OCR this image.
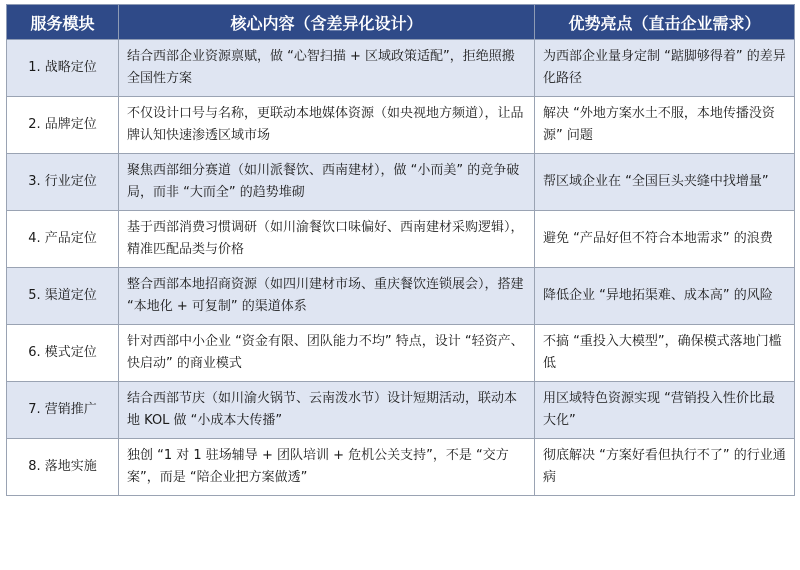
服务模块	核心内容（含差异化设计）	优势亮点（直击企业需求）
1. 战略定位	结合西部企业资源禀赋，做 “心智扫描 + 区域政策适配”，拒绝照搬全国性方案	为西部企业量身定制 “踮脚够得着” 的差异化路径
2. 品牌定位	不仅设计口号与名称，更联动本地媒体资源（如央视地方频道），让品牌认知快速渗透区域市场	解决 “外地方案水土不服，本地传播没资源” 问题
3. 行业定位	聚焦西部细分赛道（如川派餐饮、西南建材），做 “小而美” 的竞争破局，而非 “大而全” 的趋势堆砌	帮区域企业在 “全国巨头夹缝中找增量”
4. 产品定位	基于西部消费习惯调研（如川渝餐饮口味偏好、西南建材采购逻辑），精准匹配品类与价格	避免 “产品好但不符合本地需求” 的浪费
5. 渠道定位	整合西部本地招商资源（如四川建材市场、重庆餐饮连锁展会），搭建 “本地化 + 可复制” 的渠道体系	降低企业 “异地拓渠难、成本高” 的风险
6. 模式定位	针对西部中小企业 “资金有限、团队能力不均” 特点，设计 “轻资产、快启动” 的商业模式	不搞 “重投入大模型”，确保模式落地门槛低
7. 营销推广	结合西部节庆（如川渝火锅节、云南泼水节）设计短期活动，联动本地 KOL 做 “小成本大传播”	用区域特色资源实现 “营销投入性价比最大化”
8. 落地实施	独创 “1 对 1 驻场辅导 + 团队培训 + 危机公关支持”，不是 “交方案”，而是 “陪企业把方案做透”	彻底解决 “方案好看但执行不了” 的行业通病
